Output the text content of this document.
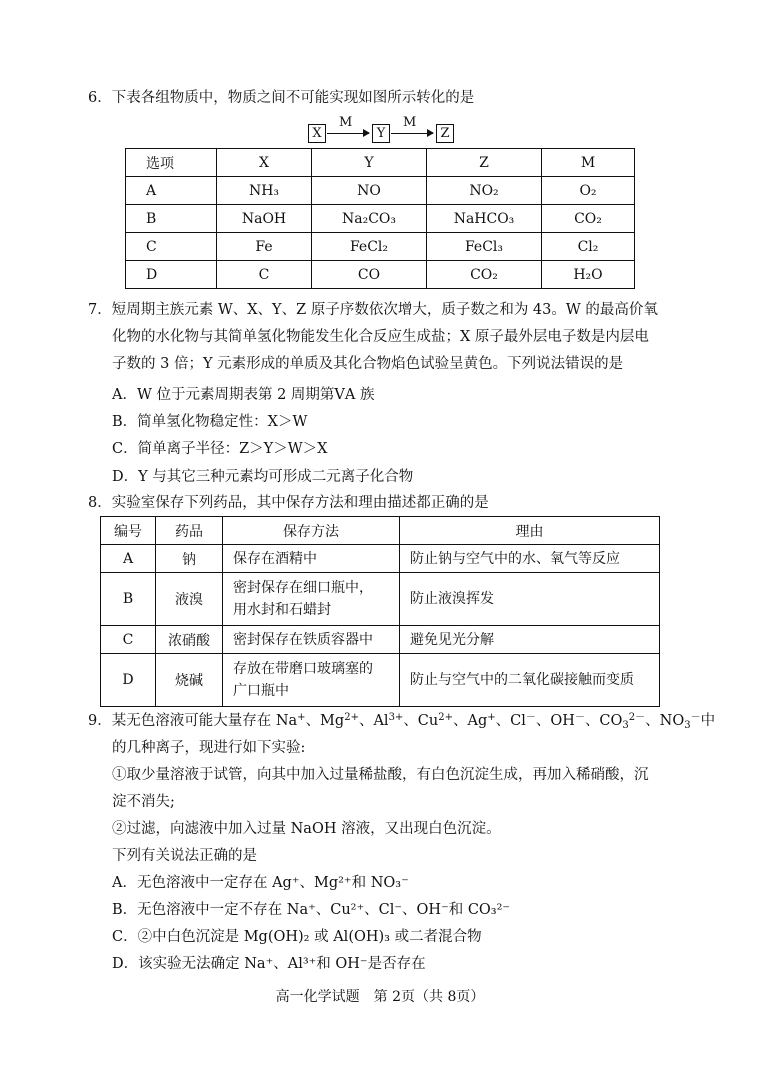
6．下表各组物质中，物质之间不可能实现如图所示转化的是
X
M
Y
M
Z
选项	X	Y	Z	M
A	NH₃	NO	NO₂	O₂
B	NaOH	Na₂CO₃	NaHCO₃	CO₂
C	Fe	FeCl₂	FeCl₃	Cl₂
D	C	CO	CO₂	H₂O
7．短周期主族元素 W、X、Y、Z 原子序数依次增大，质子数之和为 43。W 的最高价氧
化物的水化物与其简单氢化物能发生化合反应生成盐；X 原子最外层电子数是内层电
子数的 3 倍；Y 元素形成的单质及其化合物焰色试验呈黄色。下列说法错误的是
A．W 位于元素周期表第 2 周期第ⅤA 族
B．简单氢化物稳定性：X＞W
C．简单离子半径：Z＞Y＞W＞X
D．Y 与其它三种元素均可形成二元离子化合物
8．实验室保存下列药品，其中保存方法和理由描述都正确的是
编号	药品	保存方法	理由
A	钠	保存在酒精中	防止钠与空气中的水、氧气等反应
B	液溴	密封保存在细口瓶中，
用水封和石蜡封	防止液溴挥发
C	浓硝酸	密封保存在铁质容器中	避免见光分解
D	烧碱	存放在带磨口玻璃塞的
广口瓶中	防止与空气中的二氧化碳接触而变质
9．某无色溶液可能大量存在 Na+、$Mg^{2+}$、$Al^{3+}$、$Cu^{2+}$、Ag+、Cl－、OH－、$CO_3^{2-}$、$NO_3^-$中
的几种离子，现进行如下实验:
①取少量溶液于试管，向其中加入过量稀盐酸，有白色沉淀生成，再加入稀硝酸，沉
淀不消失;
②过滤，向滤液中加入过量 NaOH 溶液，又出现白色沉淀。
下列有关说法正确的是
A．无色溶液中一定存在 Ag⁺、Mg²⁺和 NO₃⁻
B．无色溶液中一定不存在 Na⁺、Cu²⁺、Cl⁻、OH⁻和 CO₃²⁻
C．②中白色沉淀是 Mg(OH)₂ 或 Al(OH)₃ 或二者混合物
D．该实验无法确定 Na⁺、Al³⁺和 OH⁻是否存在
高一化学试题　第 2页（共 8页）
